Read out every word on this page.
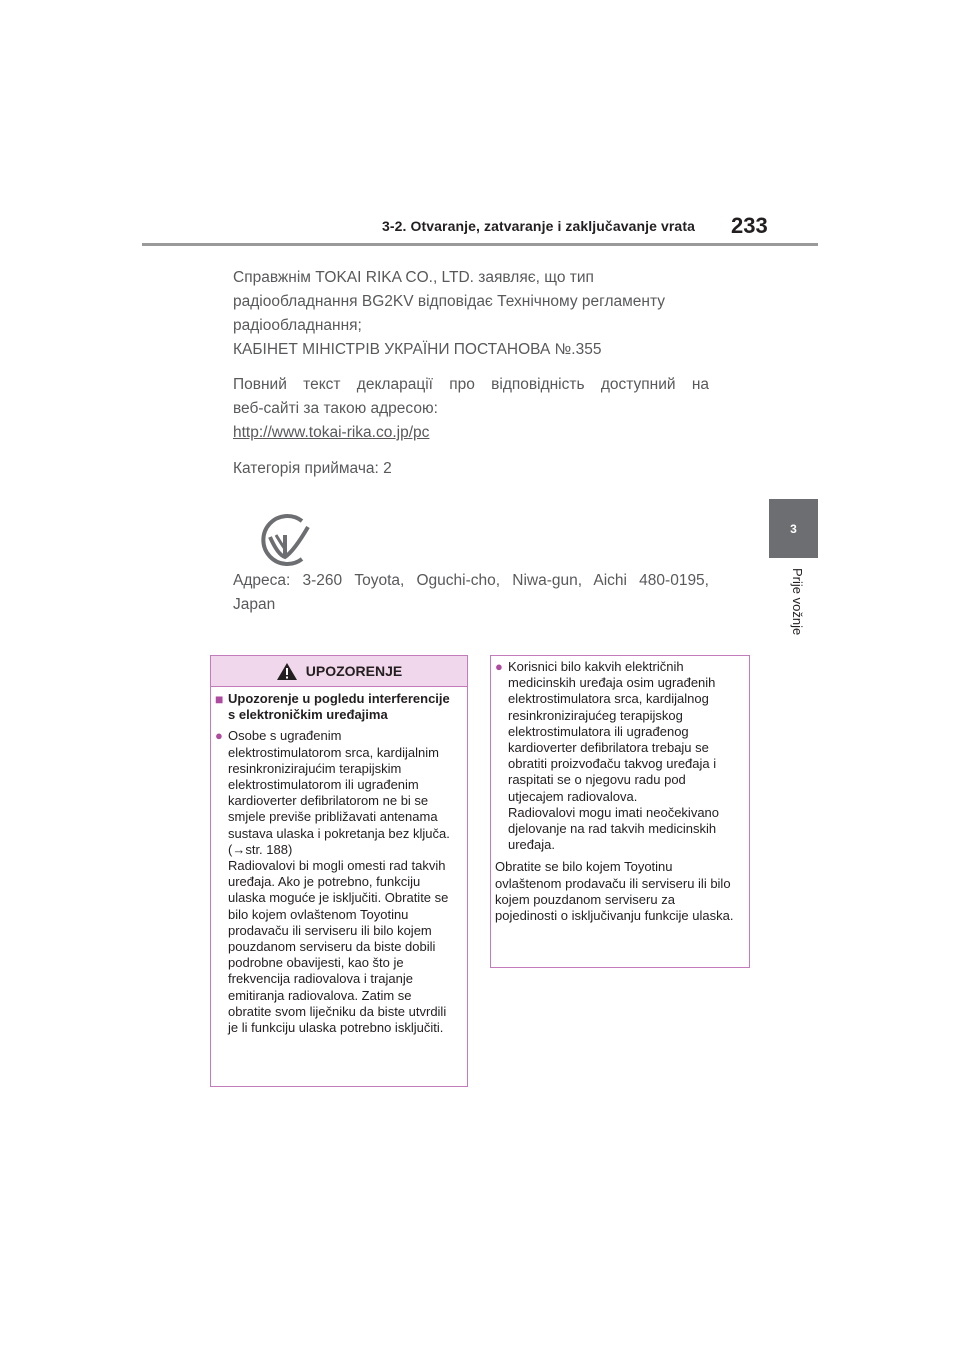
3-2. Otvaranje, zatvaranje i zaključavanje vrata 233
3
Prije vožnje

Справжнім TOKAI RIKA CO., LTD. заявляє, що тип

радіообладнання BG2KV відповідає Технічному регламенту

радіообладнання;

КАБІНЕТ МІНІСТРІВ УКРАЇНИ ПОСТАНОВА №.355

Повний текст декларації про відповідність доступний на

веб-сайті за такою адресою:

http://www.tokai-rika.co.jp/pc

Категорія приймача: 2

Адреса: 3-260 Toyota, Oguchi-cho, Niwa-gun, Aichi 480-0195,

Japan

UPOZORENJE
■ Upozorenje u pogledu interferencije s elektroničkim uređajima
● Osobe s ugrađenim elektrostimulatorom srca, kardijalnim resinkronizirajućim terapijskim elektrostimulatorom ili ugrađenim kardioverter defibrilatorom ne bi se smjele previše približavati antenama sustava ulaska i pokretanja bez ključa. (→str. 188)
Radiovalovi bi mogli omesti rad takvih uređaja. Ako je potrebno, funkciju ulaska moguće je isključiti. Obratite se bilo kojem ovlaštenom Toyotinu prodavaču ili serviseru ili bilo kojem pouzdanom serviseru da biste dobili podrobne obavijesti, kao što je frekvencija radiovalova i trajanje emitiranja radiovalova. Zatim se obratite svom liječniku da biste utvrdili je li funkciju ulaska potrebno isključiti.
● Korisnici bilo kakvih električnih medicinskih uređaja osim ugrađenih elektrostimulatora srca, kardijalnog resinkronizirajućeg terapijskog elektrostimulatora ili ugrađenog kardioverter defibrilatora trebaju se obratiti proizvođaču takvog uređaja i raspitati se o njegovu radu pod utjecajem radiovalova.
Radiovalovi mogu imati neočekivano djelovanje na rad takvih medicinskih uređaja.
Obratite se bilo kojem Toyotinu ovlaštenom prodavaču ili serviseru ili bilo kojem pouzdanom serviseru za pojedinosti o isključivanju funkcije ulaska.
